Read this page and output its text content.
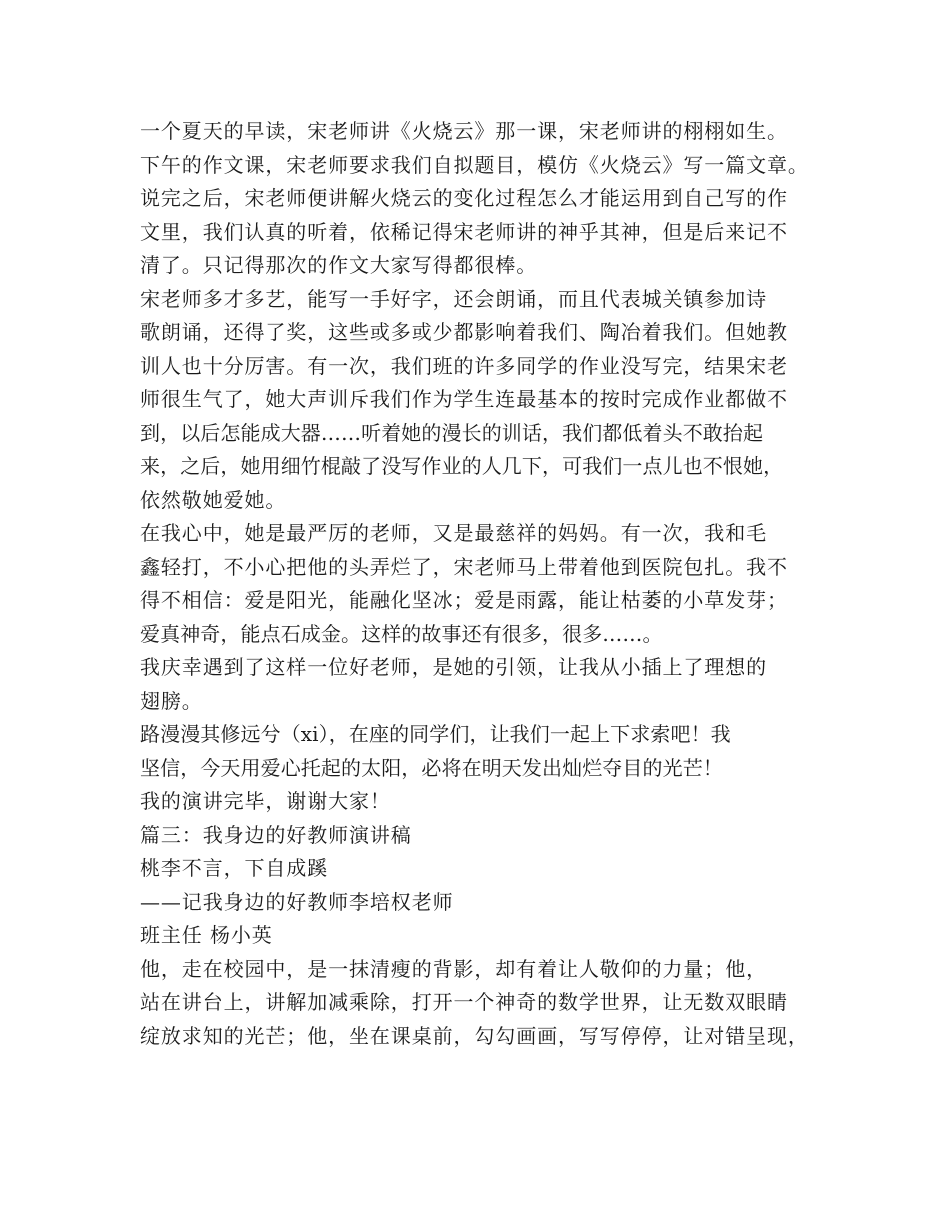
一个夏天的早读，宋老师讲《火烧云》那一课，宋老师讲的栩栩如生。
下午的作文课，宋老师要求我们自拟题目，模仿《火烧云》写一篇文章。
说完之后，宋老师便讲解火烧云的变化过程怎么才能运用到自己写的作
文里，我们认真的听着，依稀记得宋老师讲的神乎其神，但是后来记不
清了。只记得那次的作文大家写得都很棒。
宋老师多才多艺，能写一手好字，还会朗诵，而且代表城关镇参加诗
歌朗诵，还得了奖，这些或多或少都影响着我们、陶冶着我们。但她教
训人也十分厉害。有一次，我们班的许多同学的作业没写完，结果宋老
师很生气了，她大声训斥我们作为学生连最基本的按时完成作业都做不
到，以后怎能成大器……听着她的漫长的训话，我们都低着头不敢抬起
来，之后，她用细竹棍敲了没写作业的人几下，可我们一点儿也不恨她，
依然敬她爱她。
在我心中，她是最严厉的老师，又是最慈祥的妈妈。有一次，我和毛
鑫轻打，不小心把他的头弄烂了，宋老师马上带着他到医院包扎。我不
得不相信：爱是阳光，能融化坚冰；爱是雨露，能让枯萎的小草发芽；
爱真神奇，能点石成金。这样的故事还有很多，很多……。
我庆幸遇到了这样一位好老师，是她的引领，让我从小插上了理想的
翅膀。
路漫漫其修远兮（xi），在座的同学们，让我们一起上下求索吧！我
坚信，今天用爱心托起的太阳，必将在明天发出灿烂夺目的光芒！
我的演讲完毕，谢谢大家！
篇三：我身边的好教师演讲稿
桃李不言，下自成蹊
——记我身边的好教师李培权老师
班主任 杨小英
他，走在校园中，是一抹清瘦的背影，却有着让人敬仰的力量；他，
站在讲台上，讲解加减乘除，打开一个神奇的数学世界，让无数双眼睛
绽放求知的光芒；他，坐在课桌前，勾勾画画，写写停停，让对错呈现，
